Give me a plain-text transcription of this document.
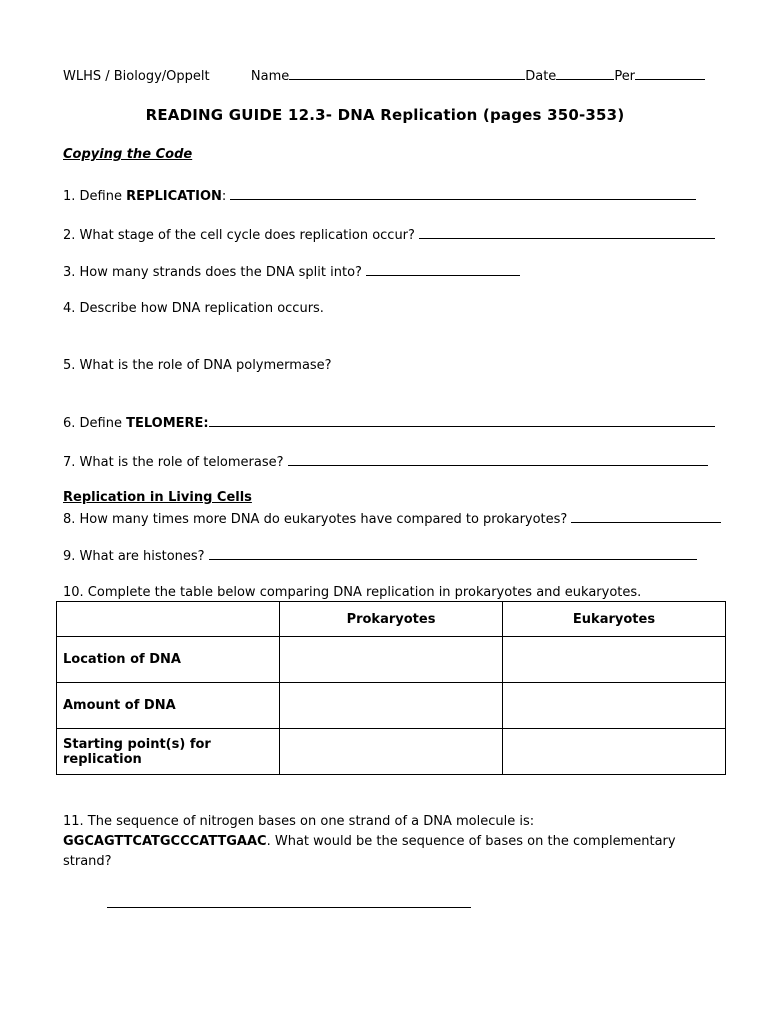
WLHS / Biology/Oppelt	Name	Date	Per
READING GUIDE 12.3- DNA Replication (pages 350-353)
Copying the Code
1. Define REPLICATION:
2. What stage of the cell cycle does replication occur?
3. How many strands does the DNA split into?
4. Describe how DNA replication occurs.
5. What is the role of DNA polymermase?
6. Define TELOMERE:
7. What is the role of telomerase?
Replication in Living Cells
8. How many times more DNA do eukaryotes have compared to prokaryotes?
9. What are histones?
10. Complete the table below comparing DNA replication in prokaryotes and eukaryotes.
	Prokaryotes	Eukaryotes
Location of DNA		
Amount of DNA		
Starting point(s) for replication		
11. The sequence of nitrogen bases on one strand of a DNA molecule is:
GGCAGTTCATGCCCATTGAAC. What would be the sequence of bases on the complementary
strand?
